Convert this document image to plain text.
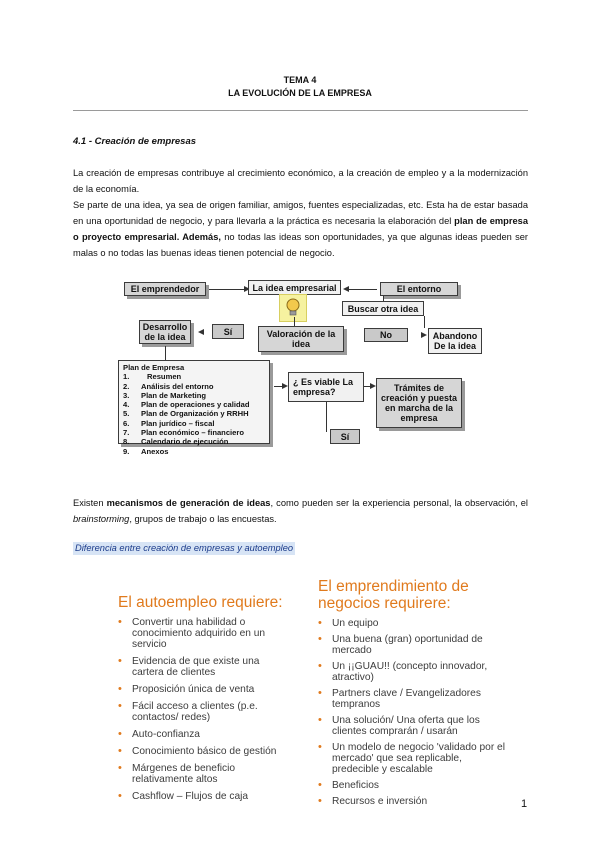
TEMA 4
LA EVOLUCIÓN DE LA EMPRESA
4.1 - Creación de empresas
La creación de empresas contribuye al crecimiento económico, a la creación de empleo y a la modernización de la economía.
Se parte de una idea, ya sea de origen familiar, amigos, fuentes especializadas, etc. Esta ha de estar basada en una oportunidad de negocio, y para llevarla a la práctica es necesaria la elaboración del plan de empresa o proyecto empresarial. Además, no todas las ideas son oportunidades, ya que algunas ideas pueden ser malas o no todas las buenas ideas tienen potencial de negocio.
El emprendedor	La idea empresarial	El entorno
Buscar otra idea
Desarrollo de la idea
Sí	Valoración de la idea
No	Abandono De la idea
Plan de Empresa
1.	Resumen
2.	Análisis del entorno
3.	Plan de Marketing
4.	Plan de operaciones y calidad
5.	Plan de Organización y RRHH
6.	Plan jurídico – fiscal
7.	Plan económico – financiero
8.	Calendario de ejecución
9.	Anexos
¿ Es viable La empresa?	Trámites de creación y puesta en marcha de la empresa
Sí
Existen mecanismos de generación de ideas, como pueden ser la experiencia personal, la observación, el brainstorming, grupos de trabajo o las encuestas.
Diferencia entre creación de empresas y autoempleo
El autoempleo requiere:
• Convertir una habilidad o conocimiento adquirido en un servicio
• Evidencia de que existe una cartera de clientes
• Proposición única de venta
• Fácil acceso a clientes (p.e. contactos/ redes)
• Auto-confianza
• Conocimiento básico de gestión
• Márgenes de beneficio relativamente altos
• Cashflow – Flujos de caja
El emprendimiento de negocios requirere:
• Un equipo
• Una buena (gran) oportunidad de mercado
• Un ¡¡GUAU!! (concepto innovador, atractivo)
• Partners clave / Evangelizadores tempranos
• Una solución/ Una oferta que los clientes comprarán / usarán
• Un modelo de negocio 'validado por el mercado' que sea replicable, predecible y escalable
• Beneficios
• Recursos e inversión	1
